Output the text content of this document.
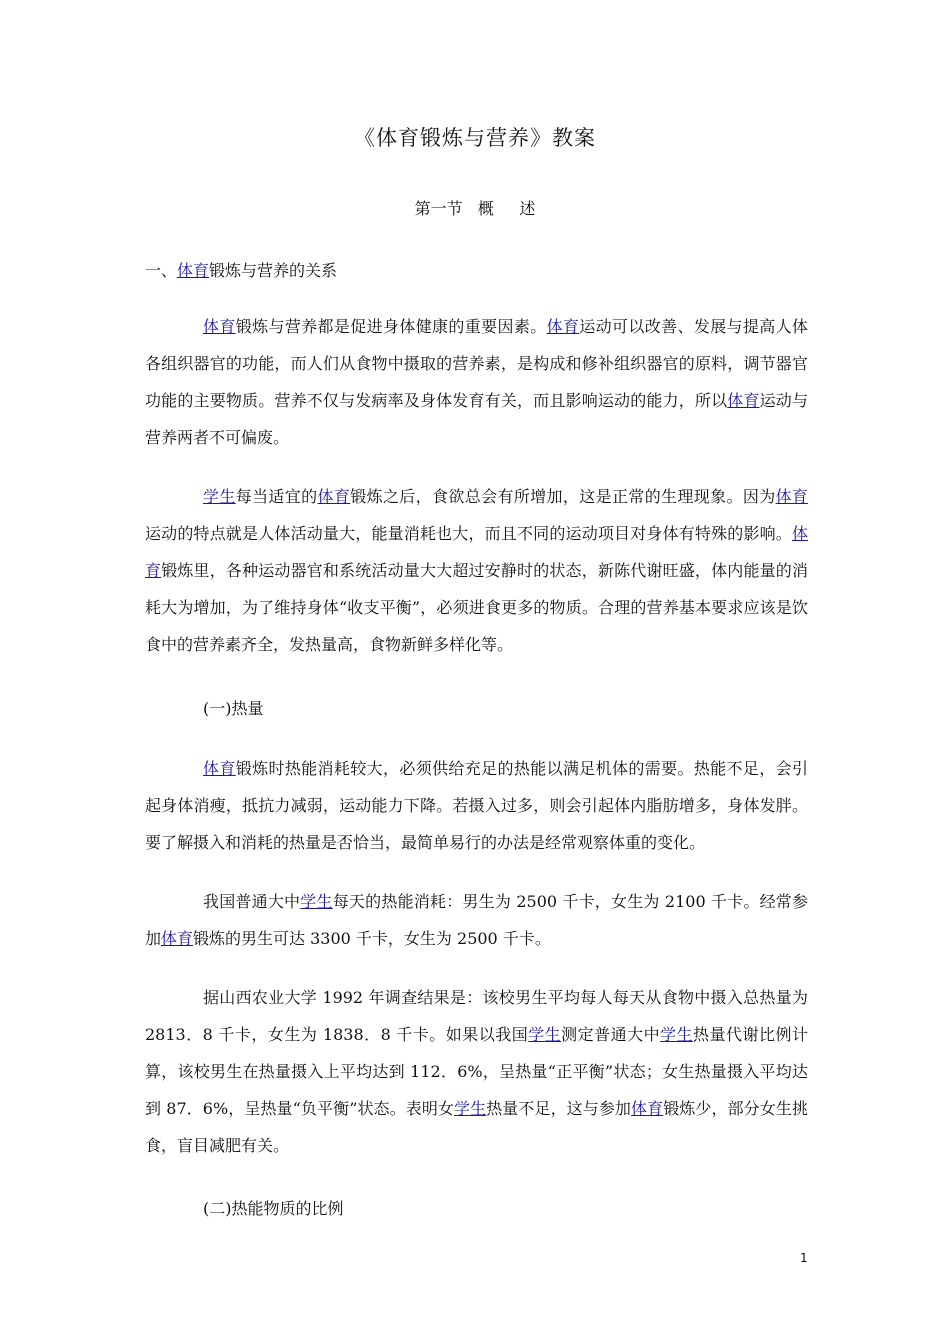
《体育锻炼与营养》教案
第一节   概     述
一、体育锻炼与营养的关系
体育锻炼与营养都是促进身体健康的重要因素。体育运动可以改善、发展与提高人体各组织器官的功能，而人们从食物中摄取的营养素，是构成和修补组织器官的原料，调节器官功能的主要物质。营养不仅与发病率及身体发育有关，而且影响运动的能力，所以体育运动与营养两者不可偏废。
学生每当适宜的体育锻炼之后，食欲总会有所增加，这是正常的生理现象。因为体育运动的特点就是人体活动量大，能量消耗也大，而且不同的运动项目对身体有特殊的影响。体育锻炼里，各种运动器官和系统活动量大大超过安静时的状态，新陈代谢旺盛，体内能量的消耗大为增加，为了维持身体“收支平衡”，必须进食更多的物质。合理的营养基本要求应该是饮食中的营养素齐全，发热量高，食物新鲜多样化等。
(一)热量
体育锻炼时热能消耗较大，必须供给充足的热能以满足机体的需要。热能不足，会引起身体消瘦，抵抗力减弱，运动能力下降。若摄入过多，则会引起体内脂肪增多，身体发胖。要了解摄入和消耗的热量是否恰当，最简单易行的办法是经常观察体重的变化。
我国普通大中学生每天的热能消耗：男生为 2500 千卡，女生为 2100 千卡。经常参加体育锻炼的男生可达 3300 千卡，女生为 2500 千卡。
据山西农业大学 1992 年调查结果是：该校男生平均每人每天从食物中摄入总热量为 2813．8 千卡，女生为 1838．8 千卡。如果以我国学生测定普通大中学生热量代谢比例计算，该校男生在热量摄入上平均达到 112．6%，呈热量“正平衡”状态；女生热量摄入平均达到 87．6%，呈热量“负平衡”状态。表明女学生热量不足，这与参加体育锻炼少，部分女生挑食，盲目减肥有关。
(二)热能物质的比例
1
